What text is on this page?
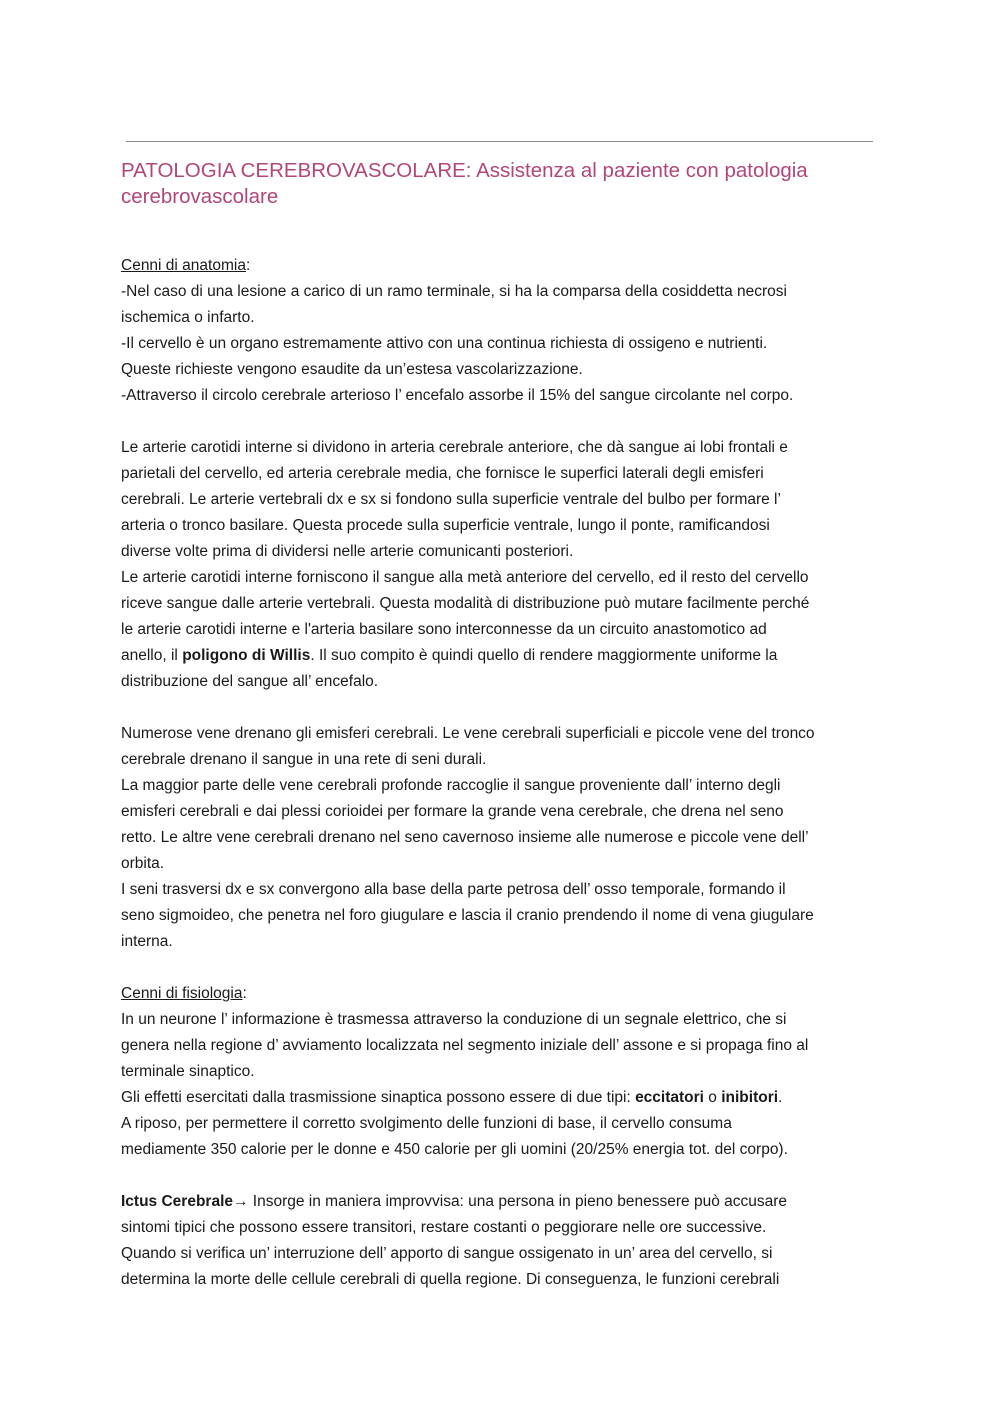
PATOLOGIA CEREBROVASCOLARE: Assistenza al paziente con patologia
cerebrovascolare
Cenni di anatomia:
-Nel caso di una lesione a carico di un ramo terminale, si ha la comparsa della cosiddetta necrosi
ischemica o infarto.
-Il cervello è un organo estremamente attivo con una continua richiesta di ossigeno e nutrienti.
Queste richieste vengono esaudite da un’estesa vascolarizzazione.
-Attraverso il circolo cerebrale arterioso l’ encefalo assorbe il 15% del sangue circolante nel corpo.
Le arterie carotidi interne si dividono in arteria cerebrale anteriore, che dà sangue ai lobi frontali e
parietali del cervello, ed arteria cerebrale media, che fornisce le superfici laterali degli emisferi
cerebrali. Le arterie vertebrali dx e sx si fondono sulla superficie ventrale del bulbo per formare l’
arteria o tronco basilare. Questa procede sulla superficie ventrale, lungo il ponte, ramificandosi
diverse volte prima di dividersi nelle arterie comunicanti posteriori.
Le arterie carotidi interne forniscono il sangue alla metà anteriore del cervello, ed il resto del cervello
riceve sangue dalle arterie vertebrali. Questa modalità di distribuzione può mutare facilmente perché
le arterie carotidi interne e l'arteria basilare sono interconnesse da un circuito anastomotico ad
anello, il poligono di Willis. Il suo compito è quindi quello di rendere maggiormente uniforme la
distribuzione del sangue all’ encefalo.
Numerose vene drenano gli emisferi cerebrali. Le vene cerebrali superficiali e piccole vene del tronco
cerebrale drenano il sangue in una rete di seni durali.
La maggior parte delle vene cerebrali profonde raccoglie il sangue proveniente dall’ interno degli
emisferi cerebrali e dai plessi corioidei per formare la grande vena cerebrale, che drena nel seno
retto. Le altre vene cerebrali drenano nel seno cavernoso insieme alle numerose e piccole vene dell’
orbita.
I seni trasversi dx e sx convergono alla base della parte petrosa dell’ osso temporale, formando il
seno sigmoideo, che penetra nel foro giugulare e lascia il cranio prendendo il nome di vena giugulare
interna.
Cenni di fisiologia:
In un neurone l’ informazione è trasmessa attraverso la conduzione di un segnale elettrico, che si
genera nella regione d’ avviamento localizzata nel segmento iniziale dell’ assone e si propaga fino al
terminale sinaptico.
Gli effetti esercitati dalla trasmissione sinaptica possono essere di due tipi: eccitatori o inibitori.
A riposo, per permettere il corretto svolgimento delle funzioni di base, il cervello consuma
mediamente 350 calorie per le donne e 450 calorie per gli uomini (20/25% energia tot. del corpo).
Ictus Cerebrale→ Insorge in maniera improvvisa: una persona in pieno benessere può accusare
sintomi tipici che possono essere transitori, restare costanti o peggiorare nelle ore successive.
Quando si verifica un’ interruzione dell’ apporto di sangue ossigenato in un’ area del cervello, si
determina la morte delle cellule cerebrali di quella regione. Di conseguenza, le funzioni cerebrali
